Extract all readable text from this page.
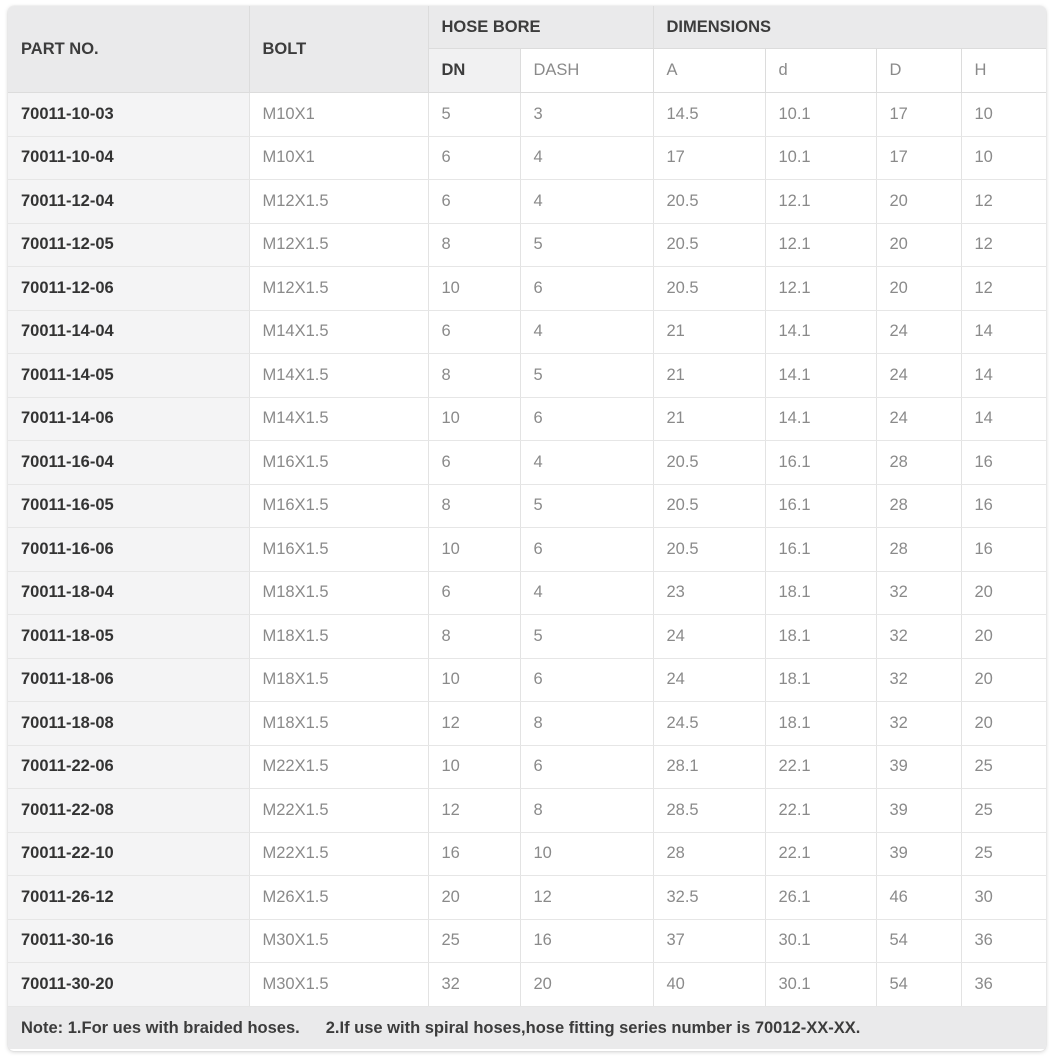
PART NO.	BOLT	HOSE BORE		DIMENSIONS			
		DN	DASH	A	d	D	H
70011-10-03	M10X1	5	3	14.5	10.1	17	10
70011-10-04	M10X1	6	4	17	10.1	17	10
70011-12-04	M12X1.5	6	4	20.5	12.1	20	12
70011-12-05	M12X1.5	8	5	20.5	12.1	20	12
70011-12-06	M12X1.5	10	6	20.5	12.1	20	12
70011-14-04	M14X1.5	6	4	21	14.1	24	14
70011-14-05	M14X1.5	8	5	21	14.1	24	14
70011-14-06	M14X1.5	10	6	21	14.1	24	14
70011-16-04	M16X1.5	6	4	20.5	16.1	28	16
70011-16-05	M16X1.5	8	5	20.5	16.1	28	16
70011-16-06	M16X1.5	10	6	20.5	16.1	28	16
70011-18-04	M18X1.5	6	4	23	18.1	32	20
70011-18-05	M18X1.5	8	5	24	18.1	32	20
70011-18-06	M18X1.5	10	6	24	18.1	32	20
70011-18-08	M18X1.5	12	8	24.5	18.1	32	20
70011-22-06	M22X1.5	10	6	28.1	22.1	39	25
70011-22-08	M22X1.5	12	8	28.5	22.1	39	25
70011-22-10	M22X1.5	16	10	28	22.1	39	25
70011-26-12	M26X1.5	20	12	32.5	26.1	46	30
70011-30-16	M30X1.5	25	16	37	30.1	54	36
70011-30-20	M30X1.5	32	20	40	30.1	54	36
Note: 1.For ues with braided hoses. 2.If use with spiral hoses,hose fitting series number is 70012-XX-XX.
